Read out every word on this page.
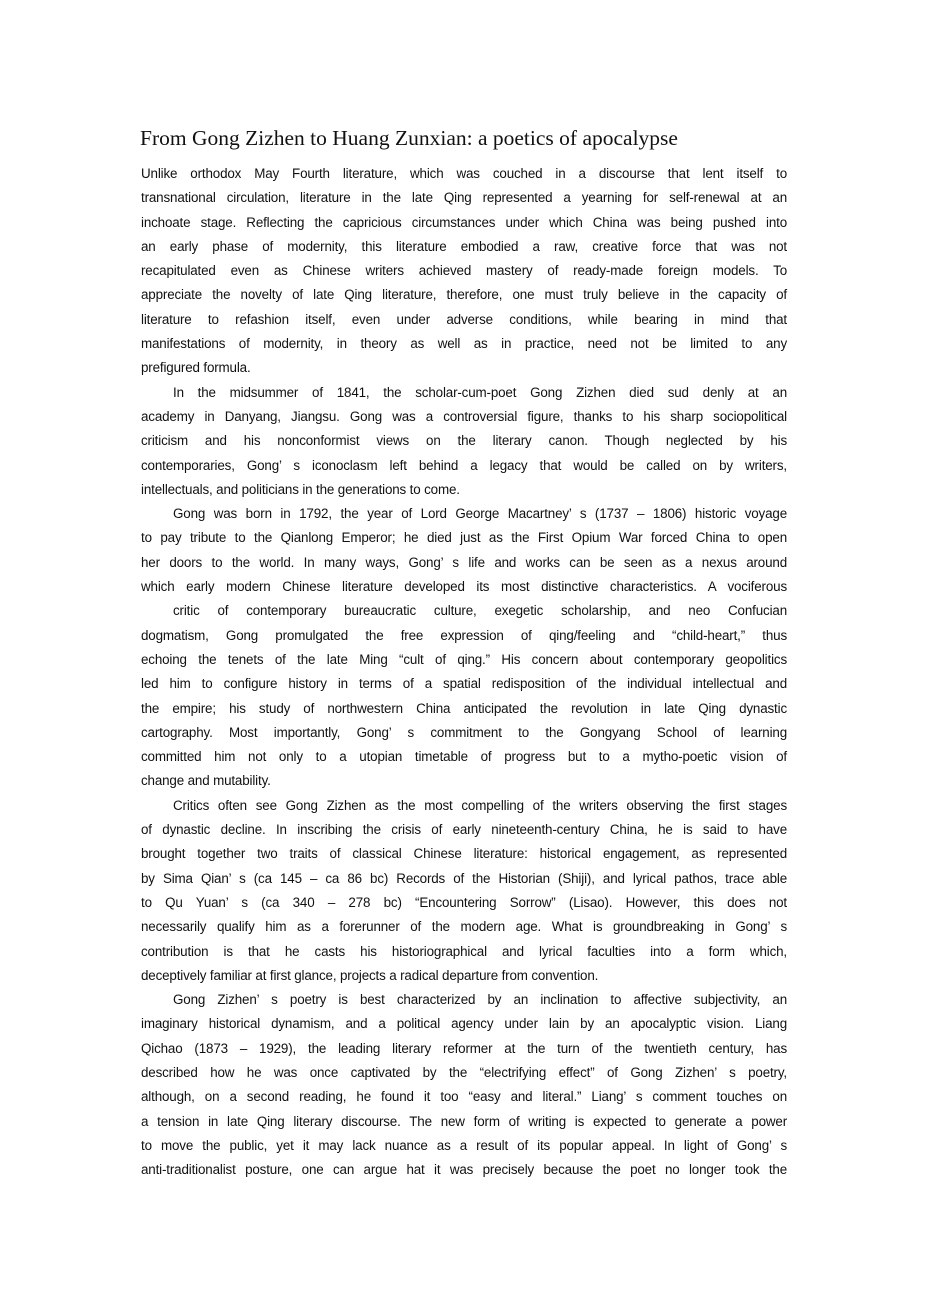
From Gong Zizhen to Huang Zunxian: a poetics of apocalypse
Unlike orthodox May Fourth literature, which was couched in a discourse that lent itself to
transnational circulation, literature in the late Qing represented a yearning for self-renewal at an
inchoate stage. Reflecting the capricious circumstances under which China was being pushed into
an early phase of modernity, this literature embodied a raw, creative force that was not
recapitulated even as Chinese writers achieved mastery of ready-made foreign models. To
appreciate the novelty of late Qing literature, therefore, one must truly believe in the capacity of
literature to refashion itself, even under adverse conditions, while bearing in mind that
manifestations of modernity, in theory as well as in practice, need not be limited to any
prefigured formula.
In the midsummer of 1841, the scholar-cum-poet Gong Zizhen died sud denly at an
academy in Danyang, Jiangsu. Gong was a controversial figure, thanks to his sharp sociopolitical
criticism and his nonconformist views on the literary canon. Though neglected by his
contemporaries, Gong’ s iconoclasm left behind a legacy that would be called on by writers,
intellectuals, and politicians in the generations to come.
Gong was born in 1792, the year of Lord George Macartney’ s (1737 – 1806) historic voyage
to pay tribute to the Qianlong Emperor; he died just as the First Opium War forced China to open
her doors to the world. In many ways, Gong’ s life and works can be seen as a nexus around
which early modern Chinese literature developed its most distinctive characteristics. A vociferous
critic of contemporary bureaucratic culture, exegetic scholarship, and neo Confucian
dogmatism, Gong promulgated the free expression of qing/feeling and “child-heart,” thus
echoing the tenets of the late Ming “cult of qing.” His concern about contemporary geopolitics
led him to configure history in terms of a spatial redisposition of the individual intellectual and
the empire; his study of northwestern China anticipated the revolution in late Qing dynastic
cartography. Most importantly, Gong’ s commitment to the Gongyang School of learning
committed him not only to a utopian timetable of progress but to a mytho-poetic vision of
change and mutability.
Critics often see Gong Zizhen as the most compelling of the writers observing the first stages
of dynastic decline. In inscribing the crisis of early nineteenth-century China, he is said to have
brought together two traits of classical Chinese literature: historical engagement, as represented
by Sima Qian’ s (ca 145 – ca 86 bc) Records of the Historian (Shiji), and lyrical pathos, trace able
to Qu Yuan’ s (ca 340 – 278 bc) “Encountering Sorrow” (Lisao). However, this does not
necessarily qualify him as a forerunner of the modern age. What is groundbreaking in Gong’ s
contribution is that he casts his historiographical and lyrical faculties into a form which,
deceptively familiar at first glance, projects a radical departure from convention.
Gong Zizhen’ s poetry is best characterized by an inclination to affective subjectivity, an
imaginary historical dynamism, and a political agency under lain by an apocalyptic vision. Liang
Qichao (1873 – 1929), the leading literary reformer at the turn of the twentieth century, has
described how he was once captivated by the “electrifying effect” of Gong Zizhen’ s poetry,
although, on a second reading, he found it too “easy and literal.” Liang’ s comment touches on
a tension in late Qing literary discourse. The new form of writing is expected to generate a power
to move the public, yet it may lack nuance as a result of its popular appeal. In light of Gong’ s
anti-traditionalist posture, one can argue hat it was precisely because the poet no longer took the
